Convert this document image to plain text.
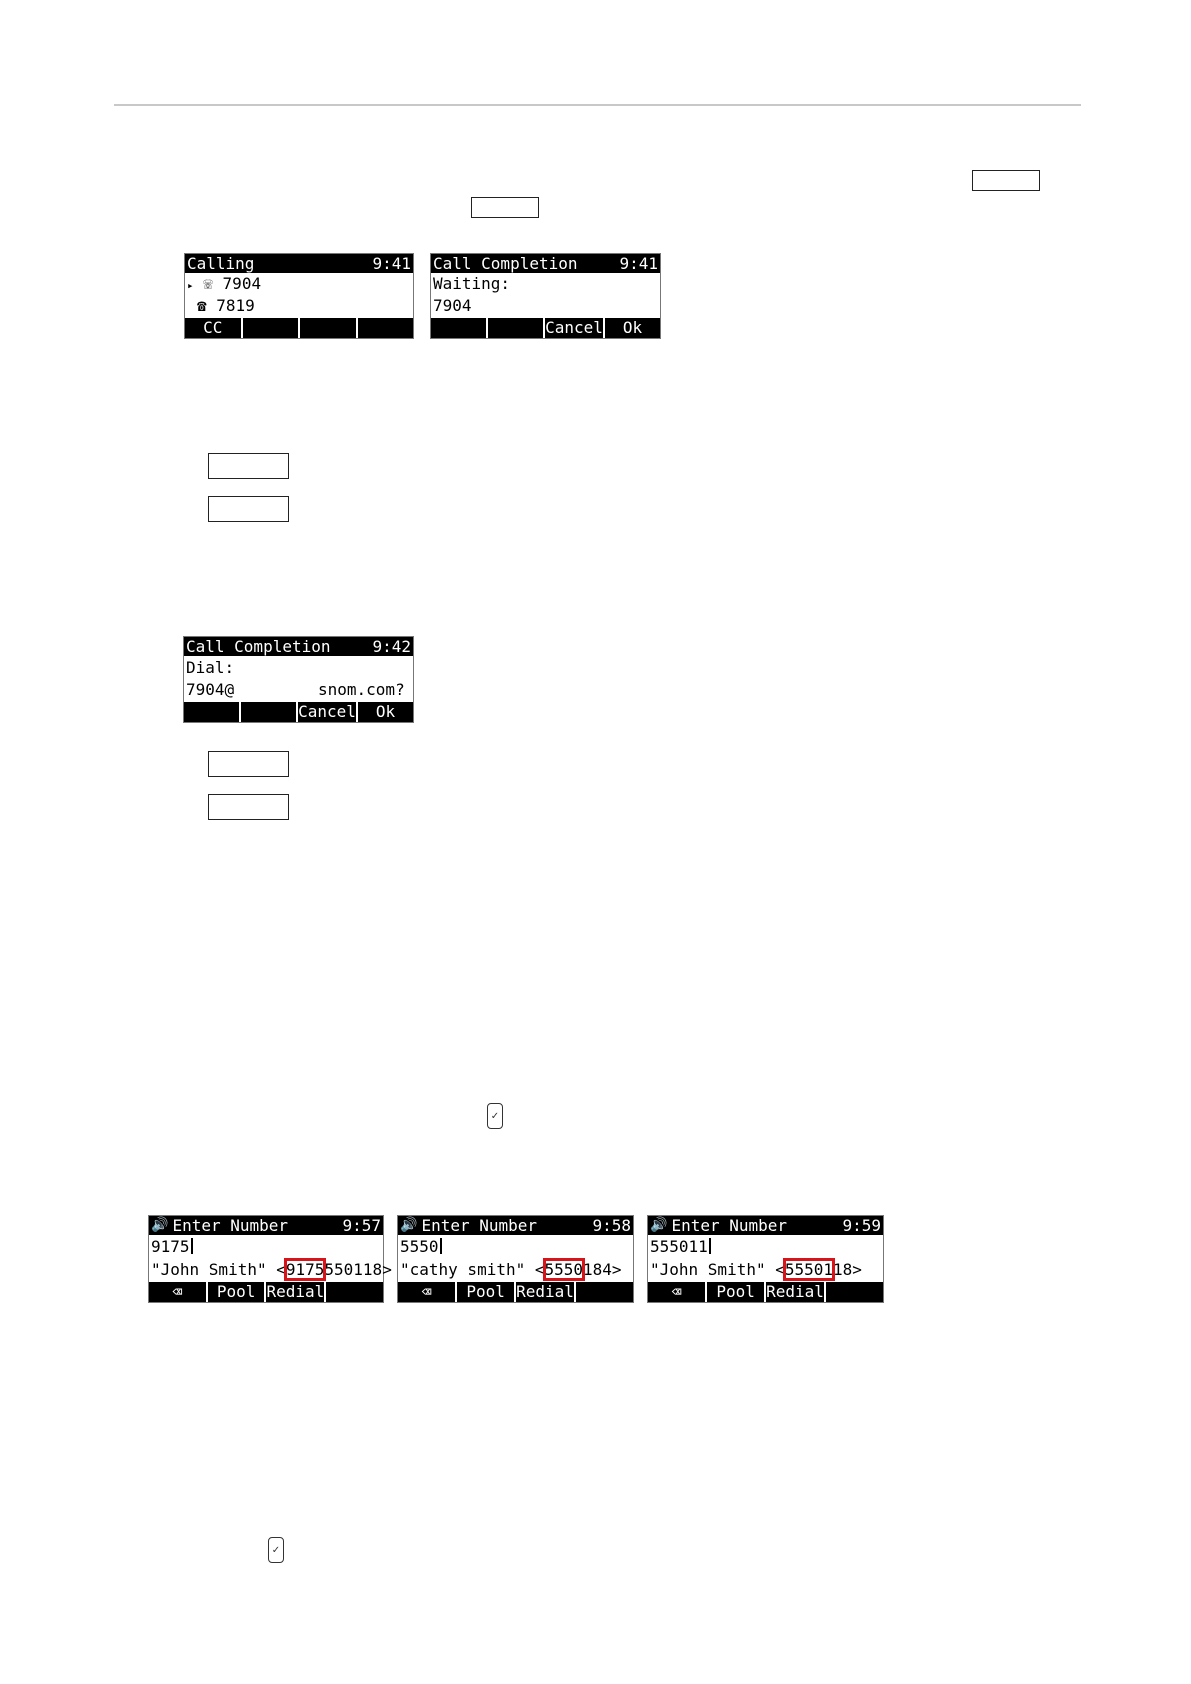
Calling	9:41
▸ ☏ 7904
☎ 7819
CC
Call Completion	9:41
Waiting:
7904
Cancel	Ok
Call Completion	9:42
Dial:
7904@	snom.com?
Cancel	Ok
✓
🔊 Enter Number	9:57
9175
"John Smith" <9175550118>
⌫	Pool Redial
🔊 Enter Number	9:58
5550
"cathy smith" <5550184>
⌫	Pool Redial
🔊 Enter Number	9:59
555011
"John Smith" <5550118>
⌫	Pool Redial
✓
